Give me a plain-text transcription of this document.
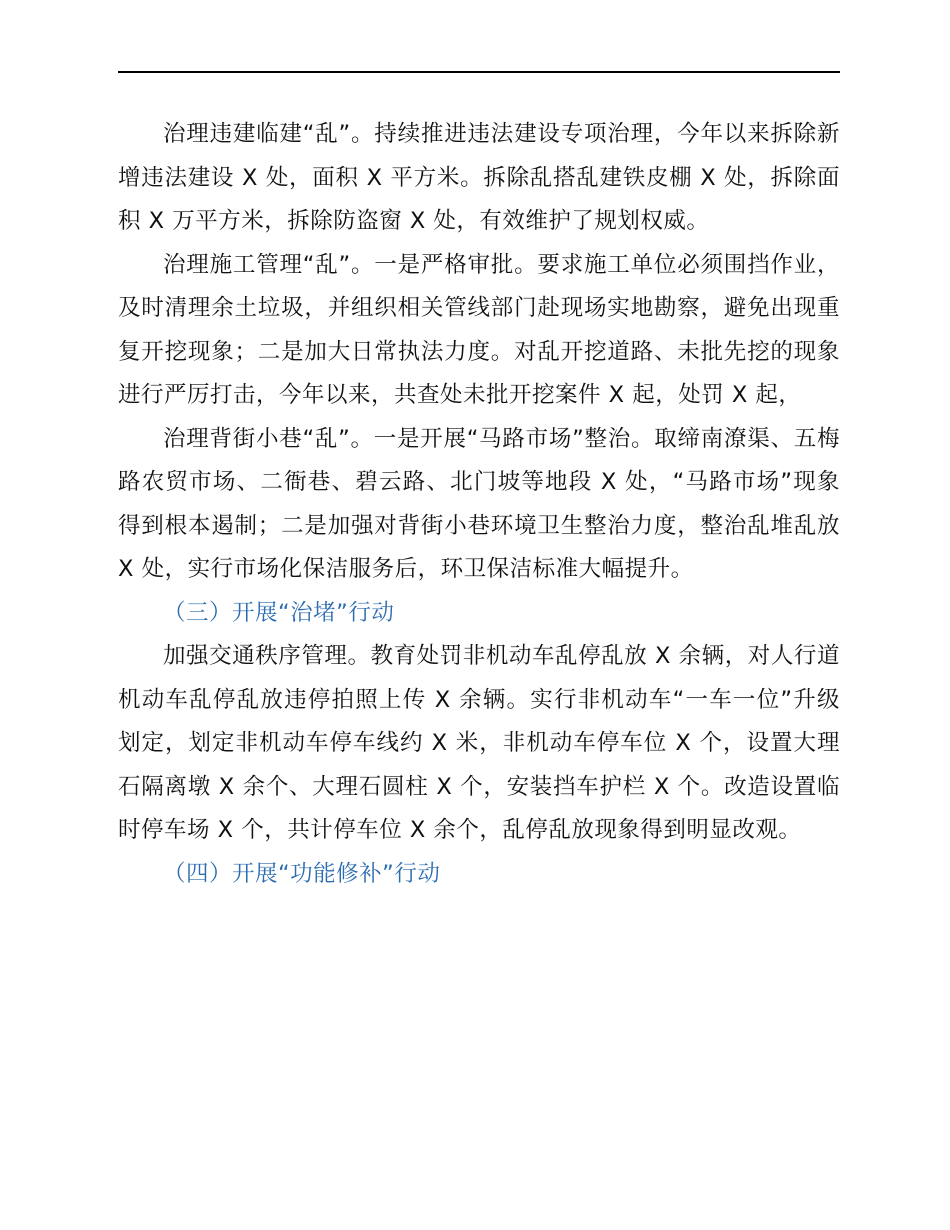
治理违建临建“乱”。持续推进违法建设专项治理，今年以来拆除新增违法建设 X 处，面积 X 平方米。拆除乱搭乱建铁皮棚 X 处，拆除面积 X 万平方米，拆除防盗窗 X 处，有效维护了规划权威。

治理施工管理“乱”。一是严格审批。要求施工单位必须围挡作业，及时清理余土垃圾，并组织相关管线部门赴现场实地勘察，避免出现重复开挖现象；二是加大日常执法力度。对乱开挖道路、未批先挖的现象进行严厉打击，今年以来，共查处未批开挖案件 X 起，处罚 X 起，

治理背街小巷“乱”。一是开展“马路市场”整治。取缔南潦渠、五梅路农贸市场、二衙巷、碧云路、北门坡等地段 X 处，“马路市场”现象得到根本遏制；二是加强对背街小巷环境卫生整治力度，整治乱堆乱放 X 处，实行市场化保洁服务后，环卫保洁标准大幅提升。

（三）开展“治堵”行动

加强交通秩序管理。教育处罚非机动车乱停乱放 X 余辆，对人行道机动车乱停乱放违停拍照上传 X 余辆。实行非机动车“一车一位”升级划定，划定非机动车停车线约 X 米，非机动车停车位 X 个，设置大理石隔离墩 X 余个、大理石圆柱 X 个，安装挡车护栏 X 个。改造设置临时停车场 X 个，共计停车位 X 余个，乱停乱放现象得到明显改观。

（四）开展“功能修补”行动
